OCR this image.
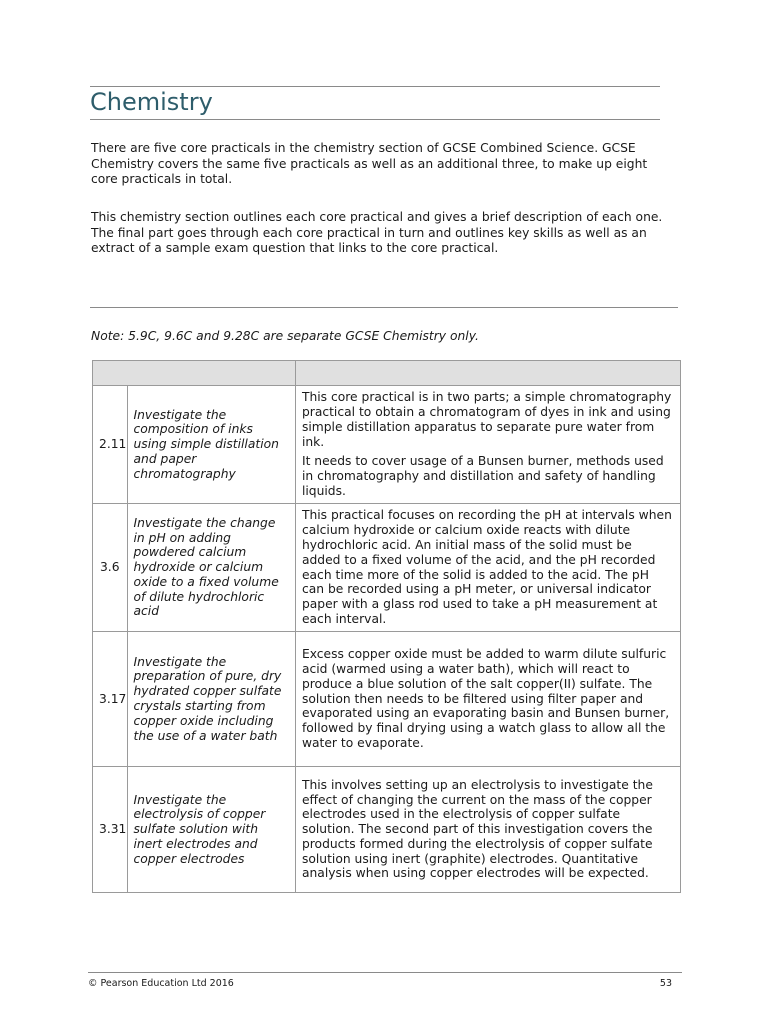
Chemistry

There are five core practicals in the chemistry section of GCSE Combined Science. GCSE Chemistry covers the same five practicals as well as an additional three, to make up eight core practicals in total.

This chemistry section outlines each core practical and gives a brief description of each one. The final part goes through each core practical in turn and outlines key skills as well as an extract of a sample exam question that links to the core practical.

Note: 5.9C, 9.6C and 9.28C are separate GCSE Chemistry only.

2.11	Investigate the composition of inks using simple distillation and paper chromatography	This core practical is in two parts; a simple chromatography practical to obtain a chromatogram of dyes in ink and using simple distillation apparatus to separate pure water from ink.

It needs to cover usage of a Bunsen burner, methods used in chromatography and distillation and safety of handling liquids.

3.6	Investigate the change in pH on adding powdered calcium hydroxide or calcium oxide to a fixed volume of dilute hydrochloric acid	This practical focuses on recording the pH at intervals when calcium hydroxide or calcium oxide reacts with dilute hydrochloric acid. An initial mass of the solid must be added to a fixed volume of the acid, and the pH recorded each time more of the solid is added to the acid. The pH can be recorded using a pH meter, or universal indicator paper with a glass rod used to take a pH measurement at each interval.

3.17	Investigate the preparation of pure, dry hydrated copper sulfate crystals starting from copper oxide including the use of a water bath	Excess copper oxide must be added to warm dilute sulfuric acid (warmed using a water bath), which will react to produce a blue solution of the salt copper(II) sulfate. The solution then needs to be filtered using filter paper and evaporated using an evaporating basin and Bunsen burner, followed by final drying using a watch glass to allow all the water to evaporate.

3.31	Investigate the electrolysis of copper sulfate solution with inert electrodes and copper electrodes	This involves setting up an electrolysis to investigate the effect of changing the current on the mass of the copper electrodes used in the electrolysis of copper sulfate solution. The second part of this investigation covers the products formed during the electrolysis of copper sulfate solution using inert (graphite) electrodes. Quantitative analysis when using copper electrodes will be expected.

© Pearson Education Ltd 2016	53
